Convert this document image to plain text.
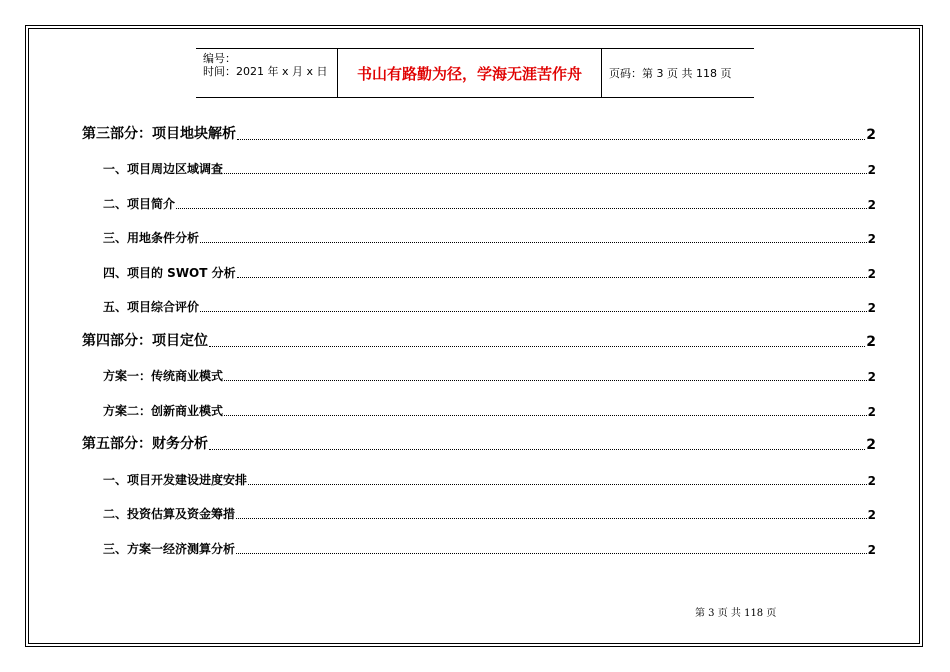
编号：
时间：2021 年 x 月 x 日	书山有路勤为径，学海无涯苦作舟	页码：第 3 页 共 118 页
第三部分：项目地块解析	2
一、项目周边区域调查	2
二、项目简介	2
三、用地条件分析	2
四、项目的 SWOT 分析	2
五、项目综合评价	2
第四部分：项目定位	2
方案一：传统商业模式	2
方案二：创新商业模式	2
第五部分：财务分析	2
一、项目开发建设进度安排	2
二、投资估算及资金筹措	2
三、方案一经济测算分析	2
第 3 页 共 118 页
